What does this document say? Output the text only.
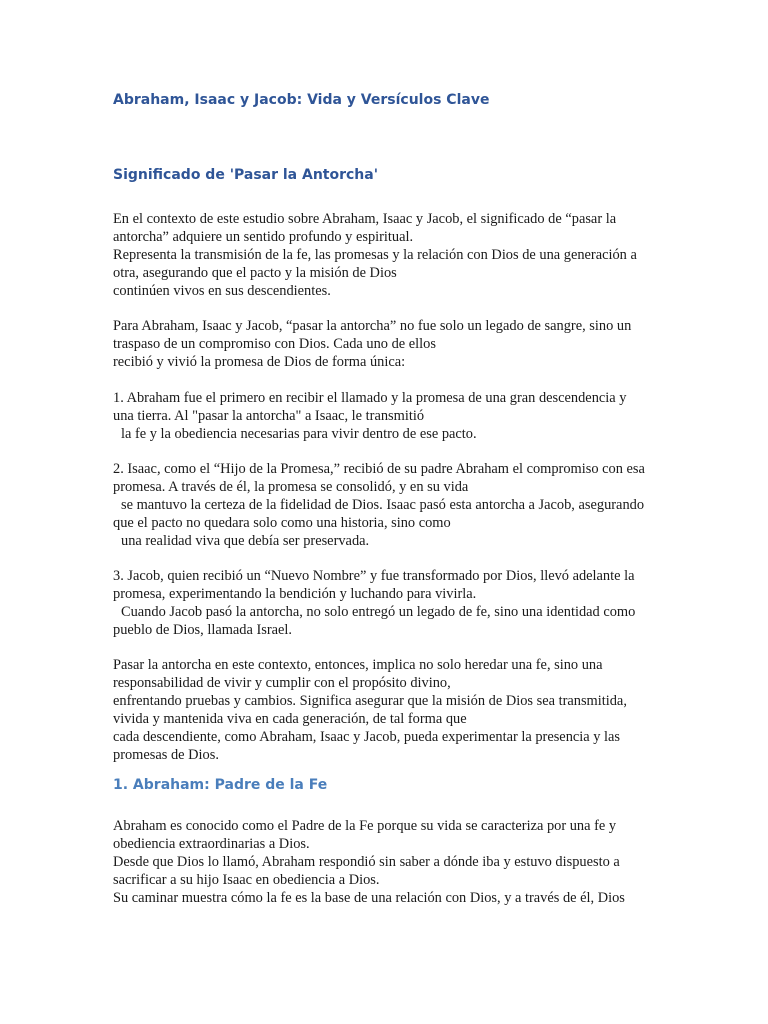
Abraham, Isaac y Jacob: Vida y Versículos Clave
Significado de 'Pasar la Antorcha'

En el contexto de este estudio sobre Abraham, Isaac y Jacob, el significado de “pasar la
antorcha” adquiere un sentido profundo y espiritual.
Representa la transmisión de la fe, las promesas y la relación con Dios de una generación a
otra, asegurando que el pacto y la misión de Dios
continúen vivos en sus descendientes.

Para Abraham, Isaac y Jacob, “pasar la antorcha” no fue solo un legado de sangre, sino un
traspaso de un compromiso con Dios. Cada uno de ellos
recibió y vivió la promesa de Dios de forma única:

1. Abraham fue el primero en recibir el llamado y la promesa de una gran descendencia y
una tierra. Al "pasar la antorcha" a Isaac, le transmitió
la fe y la obediencia necesarias para vivir dentro de ese pacto.

2. Isaac, como el “Hijo de la Promesa,” recibió de su padre Abraham el compromiso con esa
promesa. A través de él, la promesa se consolidó, y en su vida
se mantuvo la certeza de la fidelidad de Dios. Isaac pasó esta antorcha a Jacob, asegurando
que el pacto no quedara solo como una historia, sino como
una realidad viva que debía ser preservada.

3. Jacob, quien recibió un “Nuevo Nombre” y fue transformado por Dios, llevó adelante la
promesa, experimentando la bendición y luchando para vivirla.
Cuando Jacob pasó la antorcha, no solo entregó un legado de fe, sino una identidad como
pueblo de Dios, llamada Israel.

Pasar la antorcha en este contexto, entonces, implica no solo heredar una fe, sino una
responsabilidad de vivir y cumplir con el propósito divino,
enfrentando pruebas y cambios. Significa asegurar que la misión de Dios sea transmitida,
vivida y mantenida viva en cada generación, de tal forma que
cada descendiente, como Abraham, Isaac y Jacob, pueda experimentar la presencia y las
promesas de Dios.

1. Abraham: Padre de la Fe

Abraham es conocido como el Padre de la Fe porque su vida se caracteriza por una fe y
obediencia extraordinarias a Dios.
Desde que Dios lo llamó, Abraham respondió sin saber a dónde iba y estuvo dispuesto a
sacrificar a su hijo Isaac en obediencia a Dios.
Su caminar muestra cómo la fe es la base de una relación con Dios, y a través de él, Dios
